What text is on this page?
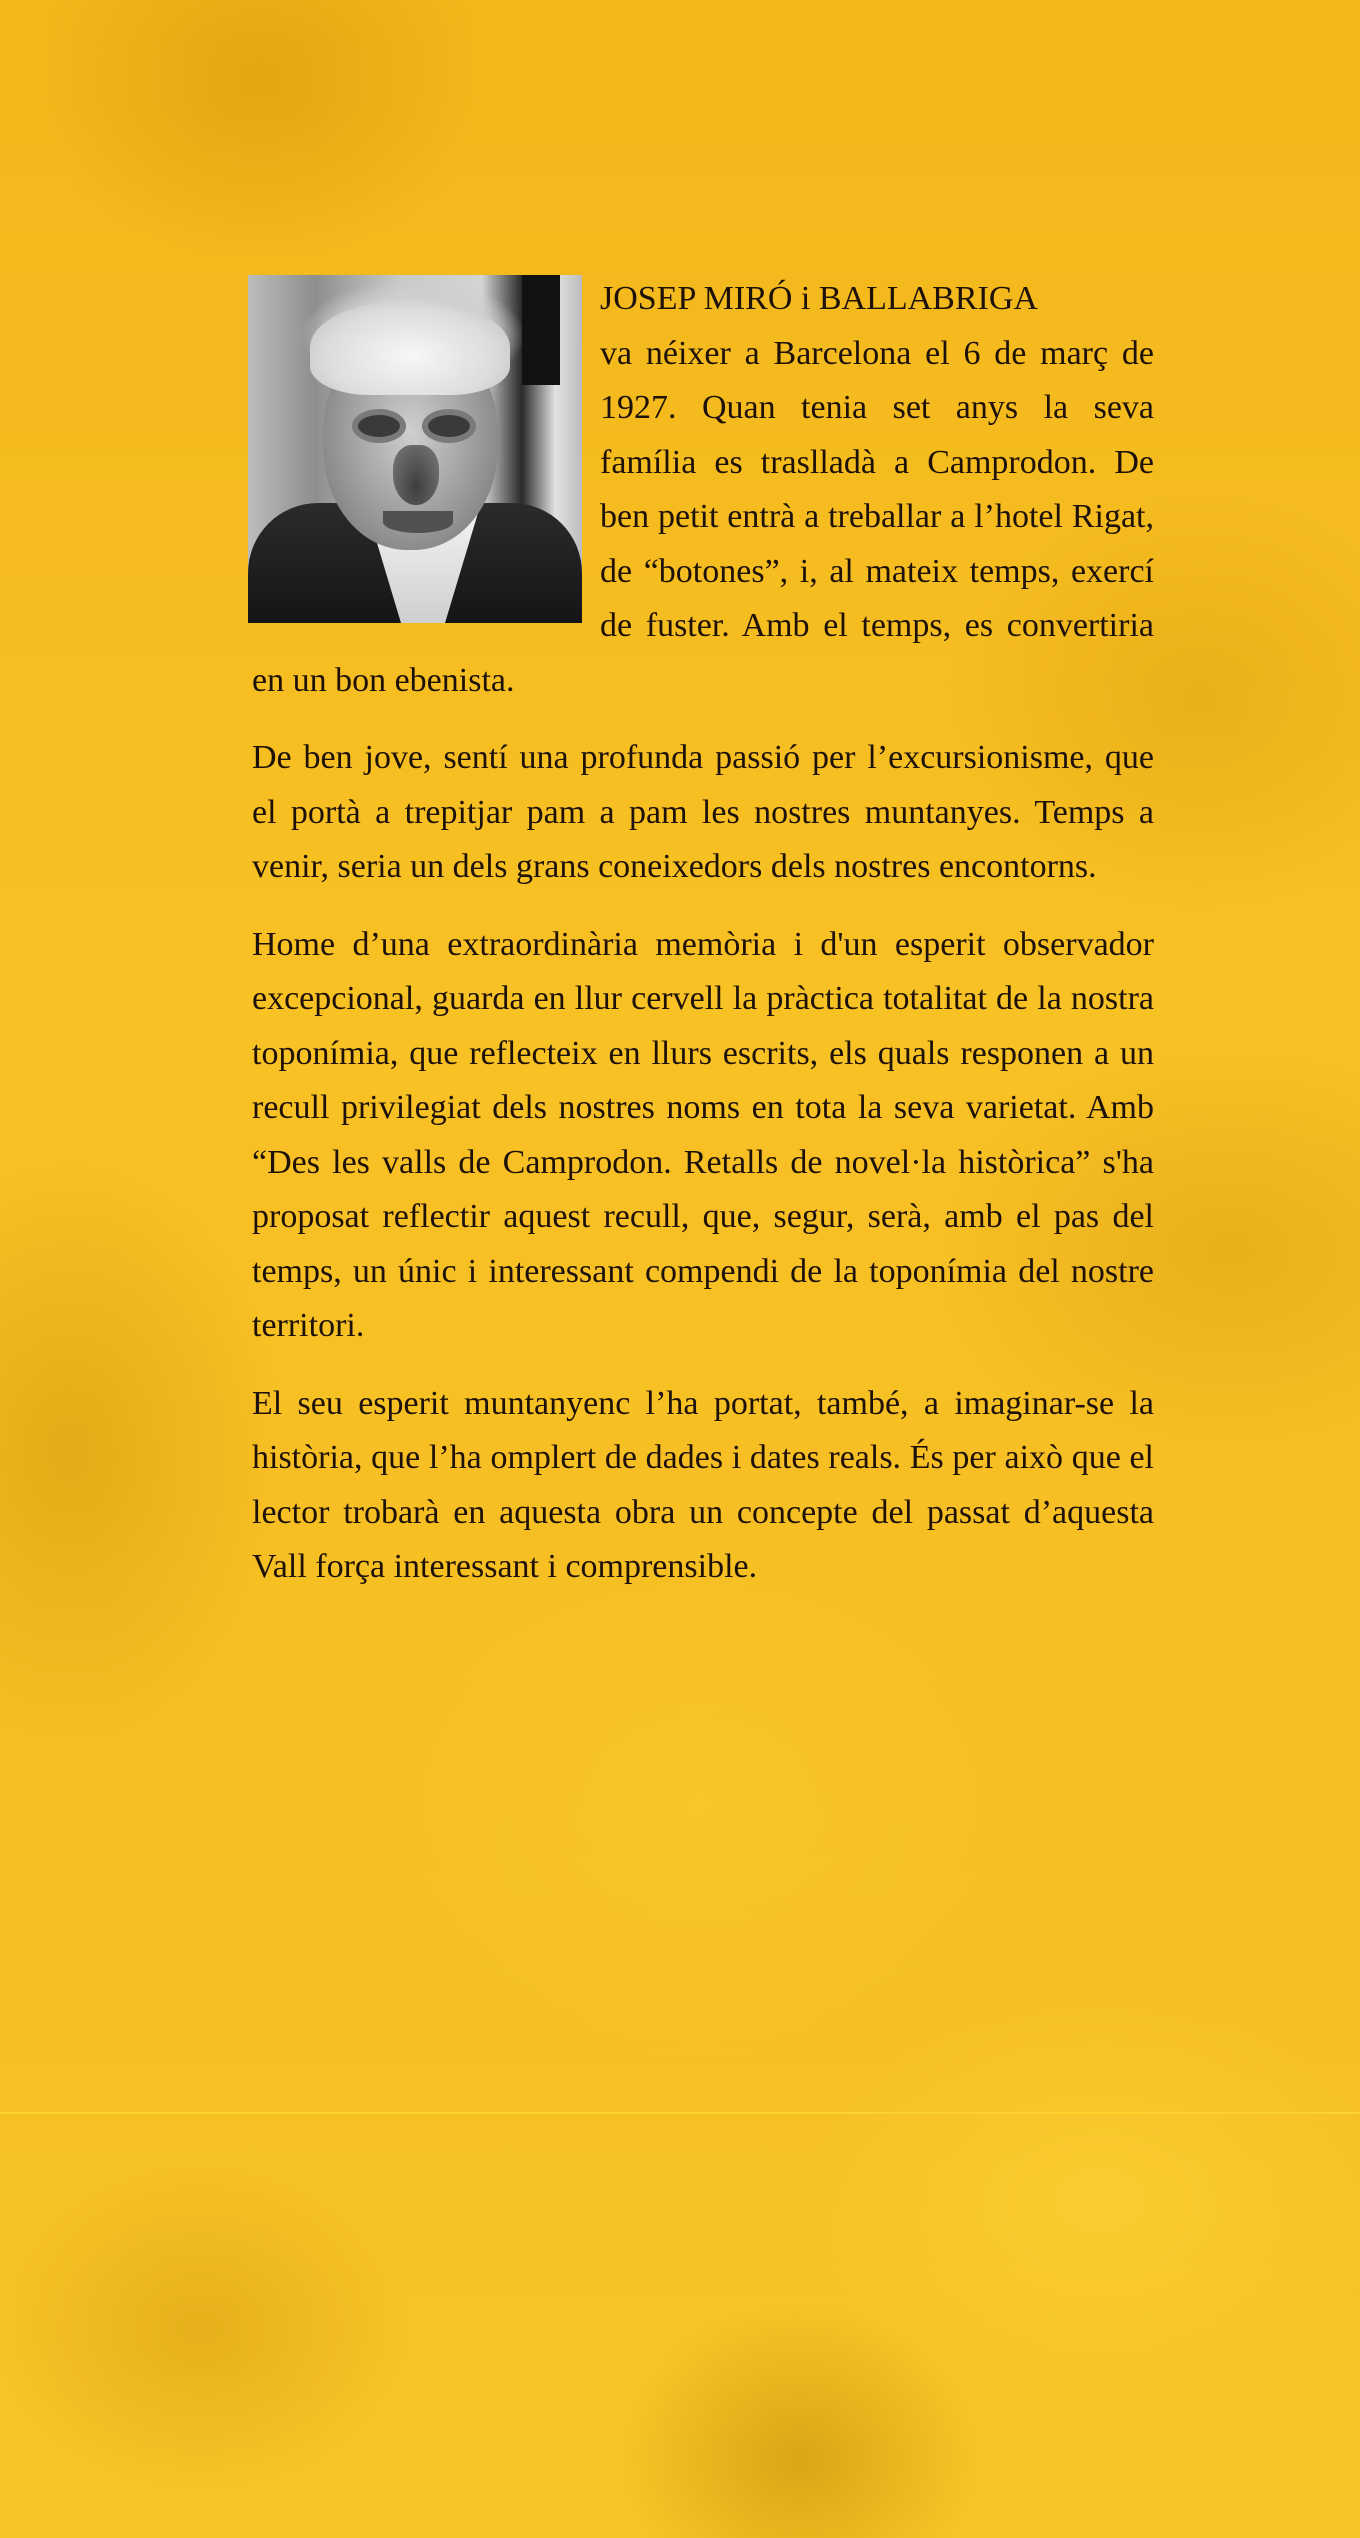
JOSEP MIRÓ i BALLABRIGA
va néixer a Barcelona el 6 de març de 1927. Quan tenia set anys la seva família es traslladà a Camprodon. De ben petit entrà a treballar a l’hotel Rigat, de “botones”, i, al mateix temps, exercí de fuster. Amb el temps, es convertiria en un bon ebenista.

De ben jove, sentí una profunda passió per l’excursionisme, que el portà a trepitjar pam a pam les nostres muntanyes. Temps a venir, seria un dels grans coneixedors dels nostres encontorns.

Home d’una extraordinària memòria i d'un esperit observador excepcional, guarda en llur cervell la pràctica totalitat de la nostra toponímia, que reflecteix en llurs escrits, els quals responen a un recull privilegiat dels nostres noms en tota la seva varietat. Amb “Des les valls de Camprodon. Retalls de novel·la històrica” s'ha proposat reflectir aquest recull, que, segur, serà, amb el pas del temps, un únic i interessant compendi de la toponímia del nostre territori.

El seu esperit muntanyenc l’ha portat, també, a imaginar-se la història, que l’ha omplert de dades i dates reals. És per això que el lector trobarà en aquesta obra un concepte del passat d’aquesta Vall força interessant i comprensible.
